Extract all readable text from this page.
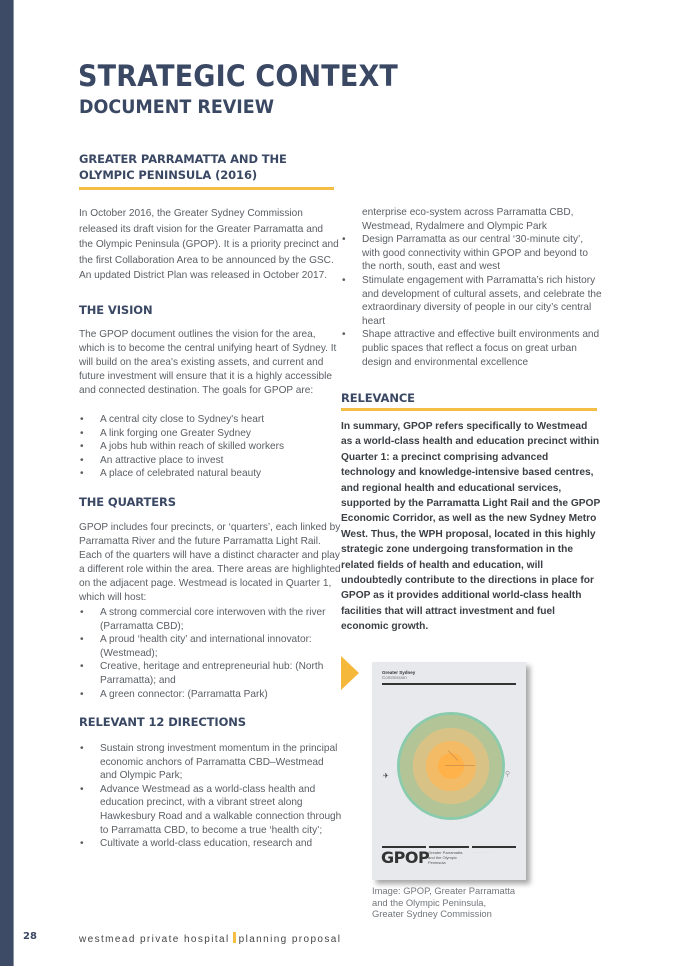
STRATEGIC CONTEXT
DOCUMENT REVIEW
GREATER PARRAMATTA AND THE
OLYMPIC PENINSULA (2016)

In October 2016, the Greater Sydney Commission released its draft vision for the Greater Parramatta and the Olympic Peninsula (GPOP). It is a priority precinct and the first Collaboration Area to be announced by the GSC. An updated District Plan was released in October 2017.

THE VISION

The GPOP document outlines the vision for the area, which is to become the central unifying heart of Sydney. It will build on the area's existing assets, and current and future investment will ensure that it is a highly accessible and connected destination. The goals for GPOP are:

• A central city close to Sydney's heart
• A link forging one Greater Sydney
• A jobs hub within reach of skilled workers
• An attractive place to invest
• A place of celebrated natural beauty
THE QUARTERS

GPOP includes four precincts, or ‘quarters’, each linked by Parramatta River and the future Parramatta Light Rail. Each of the quarters will have a distinct character and play a different role within the area. There areas are highlighted on the adjacent page. Westmead is located in Quarter 1, which will host:

• A strong commercial core interwoven with the river (Parramatta CBD);
• A proud ‘health city’ and international innovator: (Westmead);
• Creative, heritage and entrepreneurial hub: (North Parramatta); and
• A green connector: (Parramatta Park)
RELEVANT 12 DIRECTIONS
• Sustain strong investment momentum in the principal economic anchors of Parramatta CBD–Westmead and Olympic Park;
• Advance Westmead as a world-class health and education precinct, with a vibrant street along Hawkesbury Road and a walkable connection through to Parramatta CBD, to become a true ‘health city’;
• Cultivate a world-class education, research and
enterprise eco-system across Parramatta CBD, Westmead, Rydalmere and Olympic Park
• Design Parramatta as our central ‘30-minute city’, with good connectivity within GPOP and beyond to the north, south, east and west
• Stimulate engagement with Parramatta’s rich history and development of cultural assets, and celebrate the extraordinary diversity of people in our city’s central heart
• Shape attractive and effective built environments and public spaces that reflect a focus on great urban design and environmental excellence
RELEVANCE

In summary, GPOP refers specifically to Westmead as a world-class health and education precinct within Quarter 1: a precinct comprising advanced technology and knowledge-intensive based centres, and regional health and educational services, supported by the Parramatta Light Rail and the GPOP Economic Corridor, as well as the new Sydney Metro West. Thus, the WPH proposal, located in this highly strategic zone undergoing transformation in the related fields of health and education, will undoubtedly contribute to the directions in place for GPOP as it provides additional world-class health facilities that will attract investment and fuel economic growth.

Greater Sydney
Commission
✈	⚲
GPOP
Greater Parramatta and the Olympic Peninsula
· · · · · · · · · · · ·
Image: GPOP, Greater Parramatta
and the Olympic Peninsula,
Greater Sydney Commission
28	westmead private hospital planning proposal
